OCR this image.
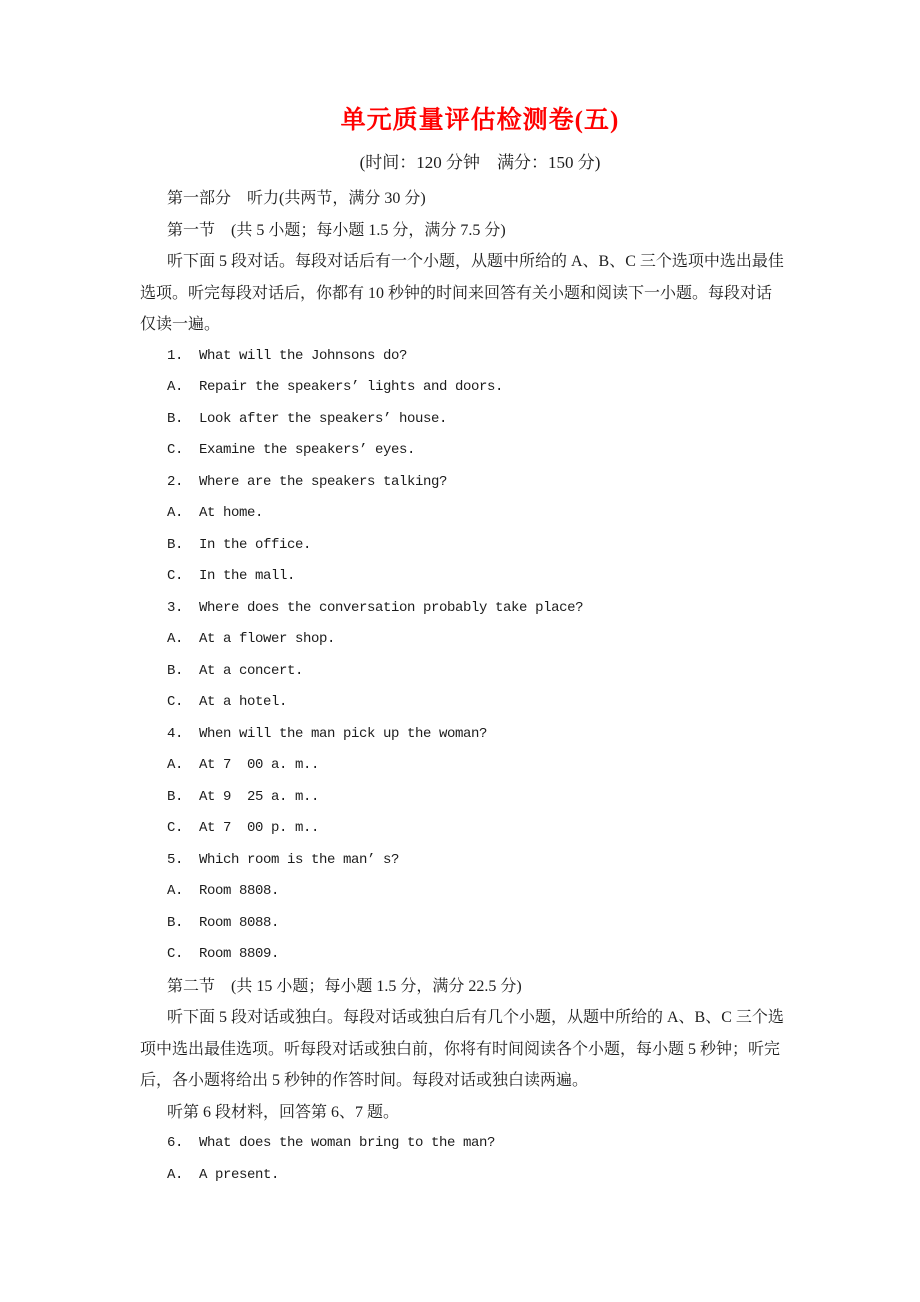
单元质量评估检测卷(五)
(时间：120 分钟　满分：150 分)
第一部分　听力(共两节，满分 30 分)
第一节　(共 5 小题；每小题 1.5 分，满分 7.5 分)
听下面 5 段对话。每段对话后有一个小题，从题中所给的 A、B、C 三个选项中选出最佳
选项。听完每段对话后，你都有 10 秒钟的时间来回答有关小题和阅读下一小题。每段对话
仅读一遍。
1.  What will the Johnsons do?
A.  Repair the speakers’ lights and doors.
B.  Look after the speakers’ house.
C.  Examine the speakers’ eyes.
2.  Where are the speakers talking?
A.  At home.
B.  In the office.
C.  In the mall.
3.  Where does the conversation probably take place?
A.  At a flower shop.
B.  At a concert.
C.  At a hotel.
4.  When will the man pick up the woman?
A.  At 7  00 a. m..
B.  At 9  25 a. m..
C.  At 7  00 p. m..
5.  Which room is the man’ s?
A.  Room 8808.
B.  Room 8088.
C.  Room 8809.
第二节　(共 15 小题；每小题 1.5 分，满分 22.5 分)
听下面 5 段对话或独白。每段对话或独白后有几个小题，从题中所给的 A、B、C 三个选
项中选出最佳选项。听每段对话或独白前，你将有时间阅读各个小题，每小题 5 秒钟；听完
后，各小题将给出 5 秒钟的作答时间。每段对话或独白读两遍。
听第 6 段材料，回答第 6、7 题。
6.  What does the woman bring to the man?
A.  A present.
